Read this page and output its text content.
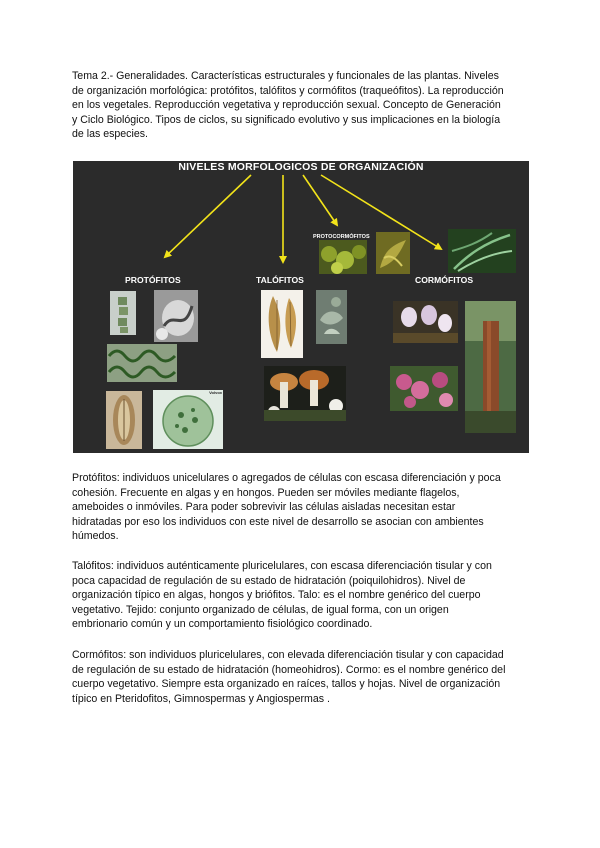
Tema 2.- Generalidades. Características estructurales y funcionales de las plantas. Niveles
de organización morfológica: protófitos, talófitos y cormófitos (traqueófitos). La reproducción
en los vegetales. Reproducción vegetativa y reproducción sexual. Concepto de Generación
y Ciclo Biológico. Tipos de ciclos, su significado evolutivo y sus implicaciones en la biología
de las especies.

NIVELES MORFOLOGICOS DE ORGANIZACIÓN
PROTÓFITOS	TALÓFITOS
PROTOCORMÓFITOS
CORMÓFITOS
Volvox

Protófitos: individuos unicelulares o agregados de células con escasa diferenciación y poca
cohesión. Frecuente en algas y en hongos. Pueden ser móviles mediante flagelos,
ameboides o inmóviles. Para poder sobrevivir las células aisladas necesitan estar
hidratadas por eso los individuos con este nivel de desarrollo se asocian con ambientes
húmedos.

Talófitos: individuos auténticamente pluricelulares, con escasa diferenciación tisular y con
poca capacidad de regulación de su estado de hidratación (poiquilohidros). Nivel de
organización típico en algas, hongos y briófitos. Talo: es el nombre genérico del cuerpo
vegetativo. Tejido: conjunto organizado de células, de igual forma, con un origen
embrionario común y un comportamiento fisiológico coordinado.

Cormófitos: son individuos pluricelulares, con elevada diferenciación tisular y con capacidad
de regulación de su estado de hidratación (homeohidros). Cormo: es el nombre genérico del
cuerpo vegetativo. Siempre esta organizado en raíces, tallos y hojas. Nivel de organización
típico en Pteridofitos, Gimnospermas y Angiospermas .
